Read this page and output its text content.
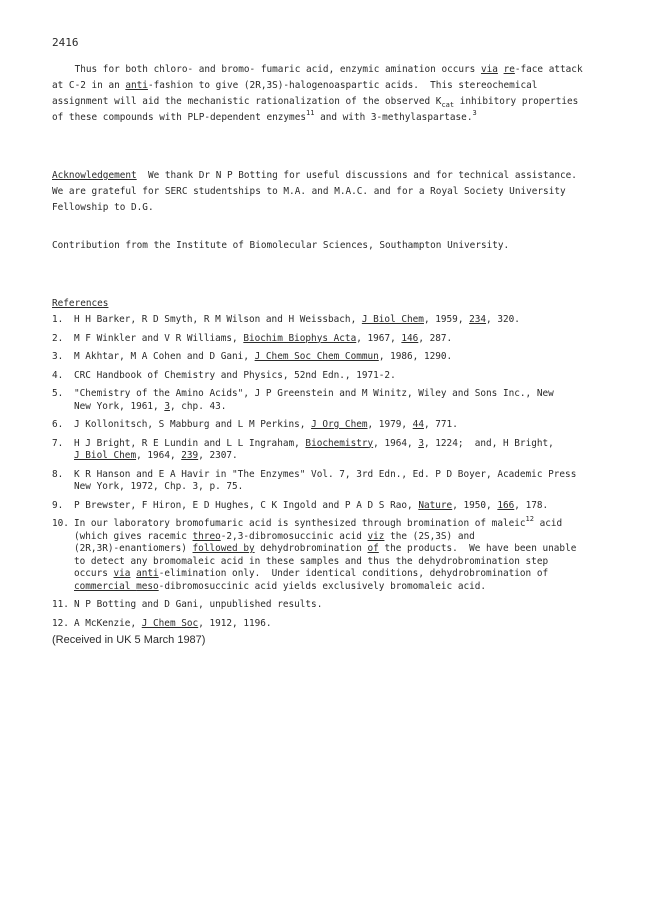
2416
Thus for both chloro- and bromo- fumaric acid, enzymic amination occurs via re-face attack
at C-2 in an anti-fashion to give (2R,3S)-halogenoaspartic acids.  This stereochemical
assignment will aid the mechanistic rationalization of the observed $K_{cat}$ inhibitory properties
of these compounds with PLP-dependent enzymes$^{11}$ and with 3-methylaspartase.$^3$
Acknowledgement  We thank Dr N P Botting for useful discussions and for technical assistance.
We are grateful for SERC studentships to M.A. and M.A.C. and for a Royal Society University
Fellowship to D.G.
Contribution from the Institute of Biomolecular Sciences, Southampton University.
References
1.	H H Barker, R D Smyth, R M Wilson and H Weissbach, J Biol Chem, 1959, 234, 320.
2.	M F Winkler and V R Williams, Biochim Biophys Acta, 1967, 146, 287.
3.	M Akhtar, M A Cohen and D Gani, J Chem Soc Chem Commun, 1986, 1290.
4.	CRC Handbook of Chemistry and Physics, 52nd Edn., 1971-2.
5.	"Chemistry of the Amino Acids", J P Greenstein and M Winitz, Wiley and Sons Inc., New
New York, 1961, 3, chp. 43.
6.	J Kollonitsch, S Mabburg and L M Perkins, J Org Chem, 1979, 44, 771.
7.	H J Bright, R E Lundin and L L Ingraham, Biochemistry, 1964, 3, 1224;  and, H Bright,
J Biol Chem, 1964, 239, 2307.
8.	K R Hanson and E A Havir in "The Enzymes" Vol. 7, 3rd Edn., Ed. P D Boyer, Academic Press
New York, 1972, Chp. 3, p. 75.
9.	P Brewster, F Hiron, E D Hughes, C K Ingold and P A D S Rao, Nature, 1950, 166, 178.
10. In our laboratory bromofumaric acid is synthesized through bromination of maleic$^{12}$ acid
(which gives racemic threo-2,3-dibromosuccinic acid viz the (2S,3S) and
(2R,3R)-enantiomers) followed by dehydrobromination of the products.  We have been unable
to detect any bromomaleic acid in these samples and thus the dehydrobromination step
occurs via anti-elimination only.  Under identical conditions, dehydrobromination of
commercial meso-dibromosuccinic acid yields exclusively bromomaleic acid.
11. N P Botting and D Gani, unpublished results.
12. A McKenzie, J Chem Soc, 1912, 1196.
(Received in UK 5 March 1987)
